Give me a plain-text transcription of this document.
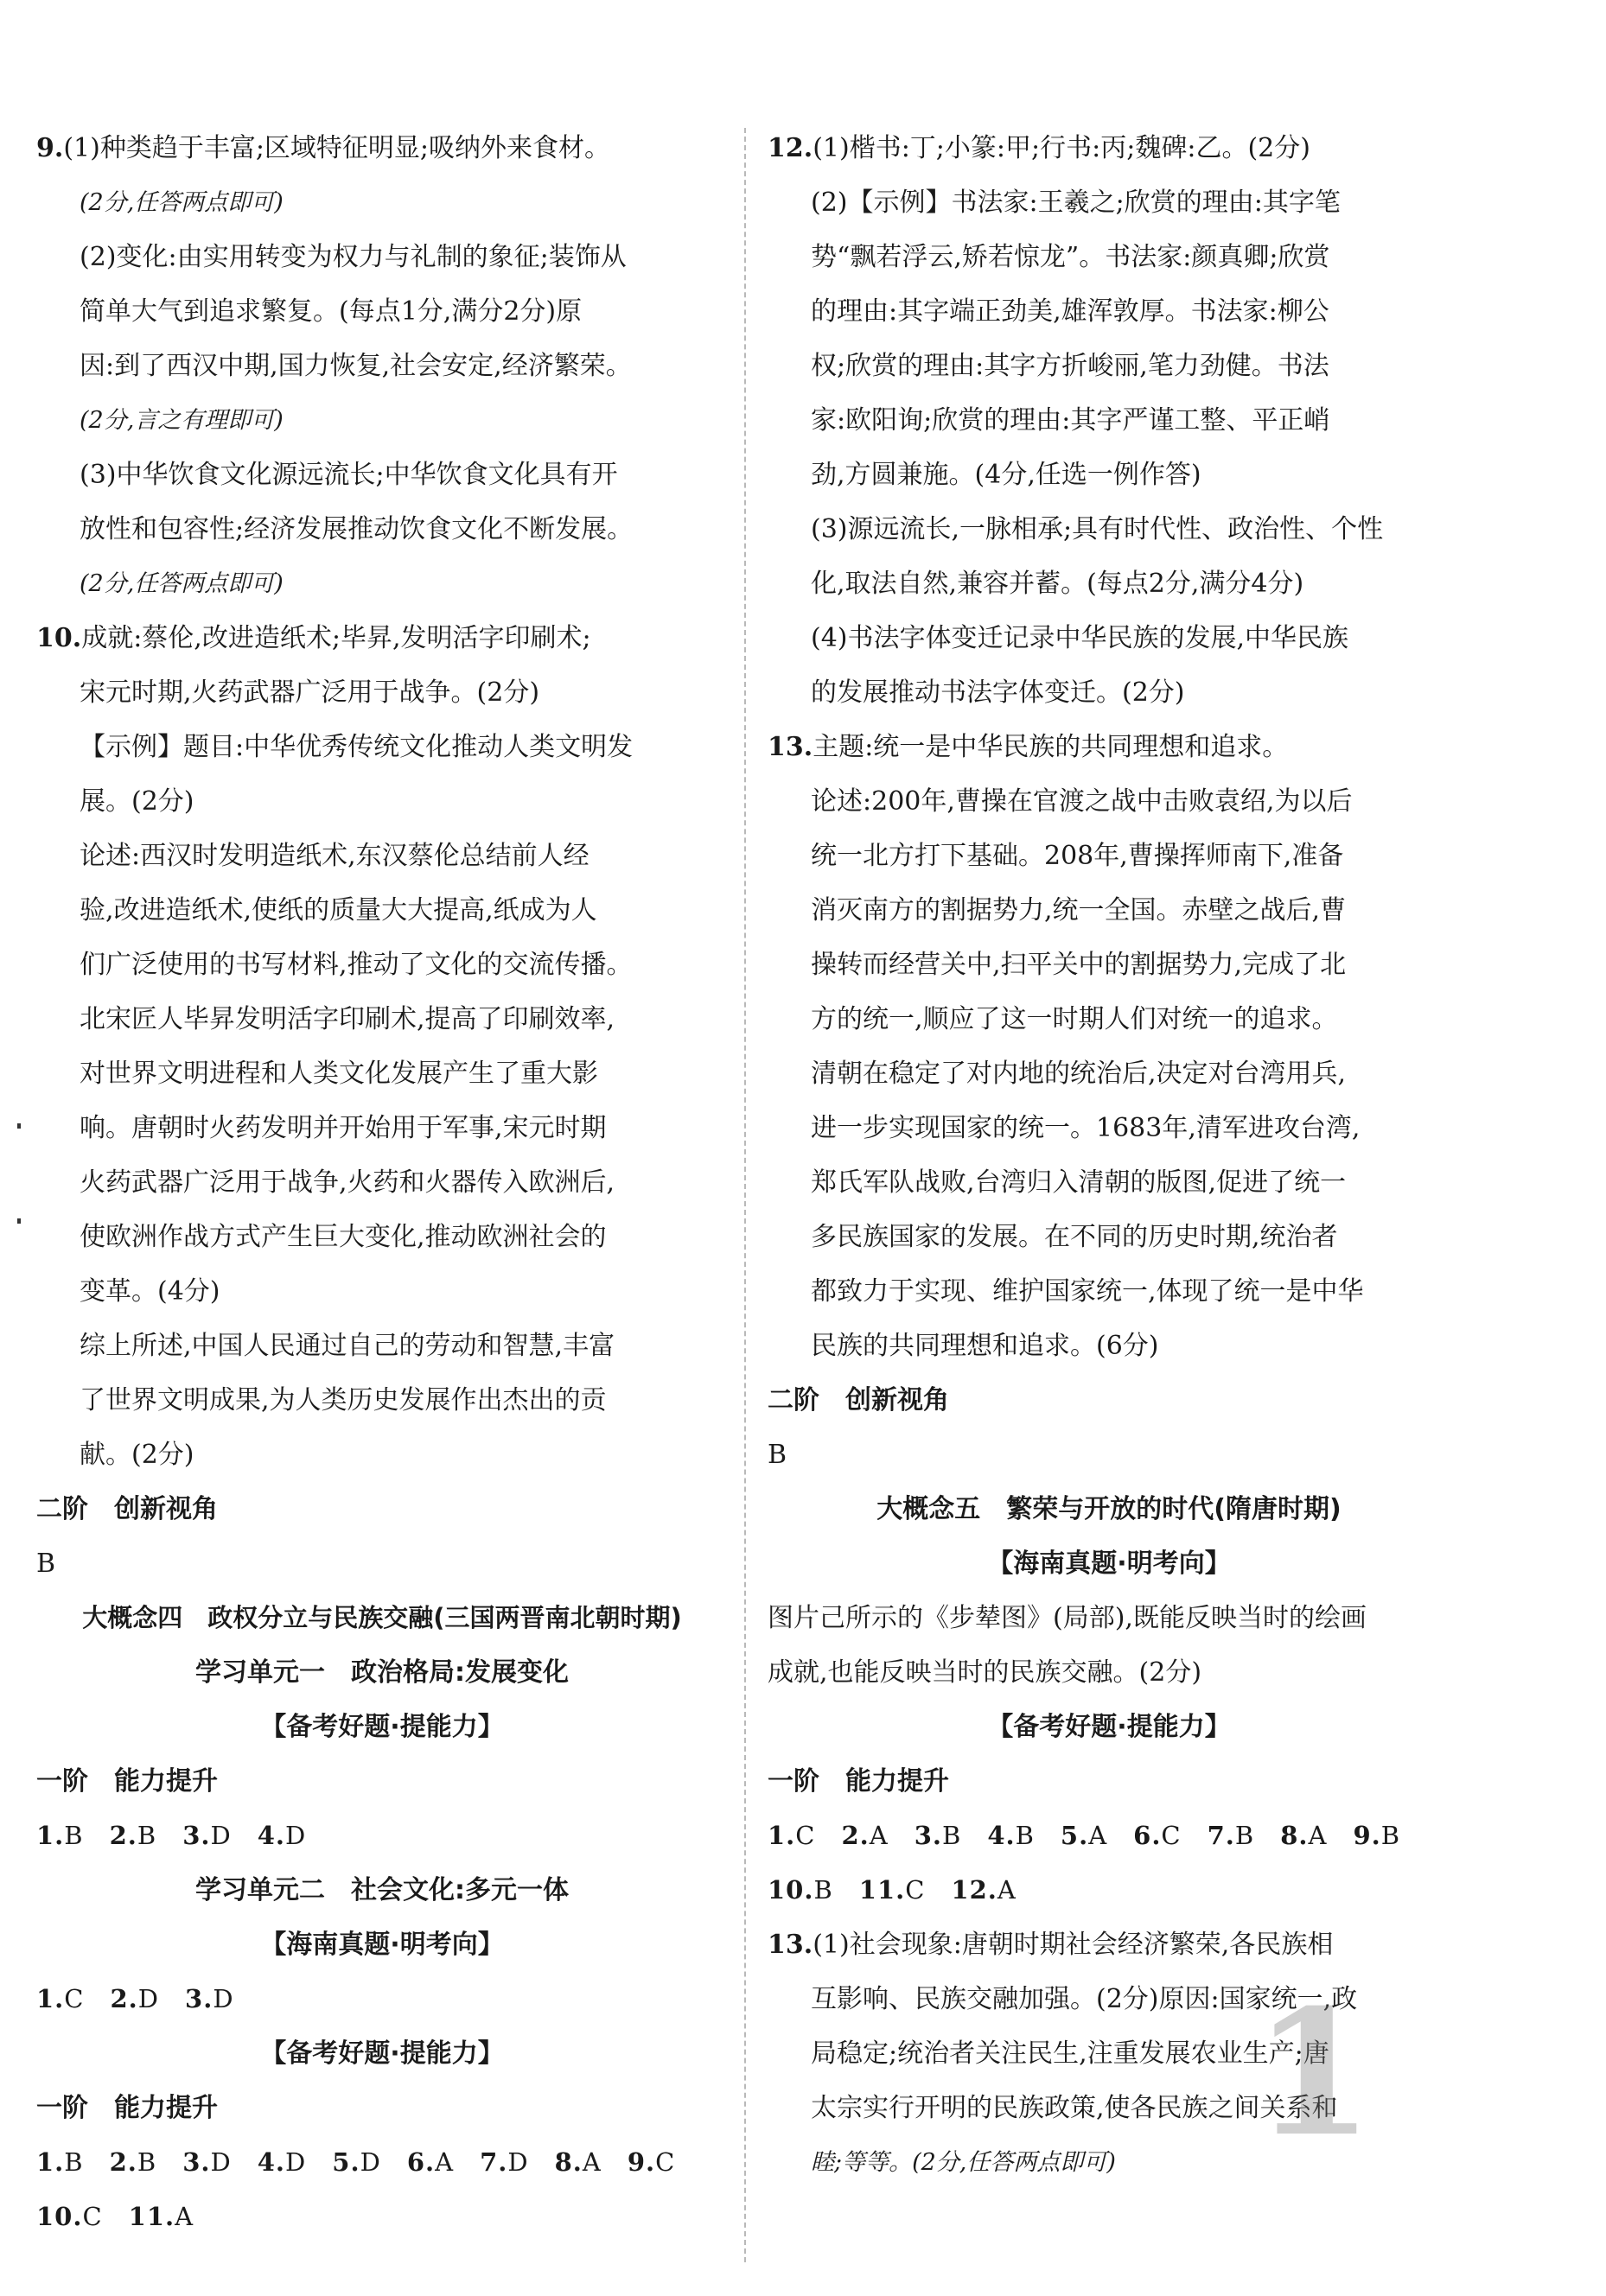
9.(1)种类趋于丰富;区域特征明显;吸纳外来食材。
(2分,任答两点即可)
(2)变化:由实用转变为权力与礼制的象征;装饰从
简单大气到追求繁复。(每点1分,满分2分)原
因:到了西汉中期,国力恢复,社会安定,经济繁荣。
(2分,言之有理即可)
(3)中华饮食文化源远流长;中华饮食文化具有开
放性和包容性;经济发展推动饮食文化不断发展。
(2分,任答两点即可)
10.成就:蔡伦,改进造纸术;毕昇,发明活字印刷术;
宋元时期,火药武器广泛用于战争。(2分)
【示例】题目:中华优秀传统文化推动人类文明发
展。(2分)
论述:西汉时发明造纸术,东汉蔡伦总结前人经
验,改进造纸术,使纸的质量大大提高,纸成为人
们广泛使用的书写材料,推动了文化的交流传播。
北宋匠人毕昇发明活字印刷术,提高了印刷效率,
对世界文明进程和人类文化发展产生了重大影
响。唐朝时火药发明并开始用于军事,宋元时期
火药武器广泛用于战争,火药和火器传入欧洲后,
使欧洲作战方式产生巨大变化,推动欧洲社会的
变革。(4分)
综上所述,中国人民通过自己的劳动和智慧,丰富
了世界文明成果,为人类历史发展作出杰出的贡
献。(2分)
二阶　创新视角
B
大概念四　政权分立与民族交融(三国两晋南北朝时期)
学习单元一　政治格局:发展变化
【备考好题·提能力】
一阶　能力提升
1.B 2.B 3.D 4.D
学习单元二　社会文化:多元一体
【海南真题·明考向】
1.C 2.D 3.D
【备考好题·提能力】
一阶　能力提升
1.B 2.B 3.D 4.D 5.D 6.A 7.D 8.A 9.C
10.C 11.A
12.(1)楷书:丁;小篆:甲;行书:丙;魏碑:乙。(2分)
(2)【示例】书法家:王羲之;欣赏的理由:其字笔
势“飘若浮云,矫若惊龙”。书法家:颜真卿;欣赏
的理由:其字端正劲美,雄浑敦厚。书法家:柳公
权;欣赏的理由:其字方折峻丽,笔力劲健。书法
家:欧阳询;欣赏的理由:其字严谨工整、平正峭
劲,方圆兼施。(4分,任选一例作答)
(3)源远流长,一脉相承;具有时代性、政治性、个性
化,取法自然,兼容并蓄。(每点2分,满分4分)
(4)书法字体变迁记录中华民族的发展,中华民族
的发展推动书法字体变迁。(2分)
13.主题:统一是中华民族的共同理想和追求。
论述:200年,曹操在官渡之战中击败袁绍,为以后
统一北方打下基础。208年,曹操挥师南下,准备
消灭南方的割据势力,统一全国。赤壁之战后,曹
操转而经营关中,扫平关中的割据势力,完成了北
方的统一,顺应了这一时期人们对统一的追求。
清朝在稳定了对内地的统治后,决定对台湾用兵,
进一步实现国家的统一。1683年,清军进攻台湾,
郑氏军队战败,台湾归入清朝的版图,促进了统一
多民族国家的发展。在不同的历史时期,统治者
都致力于实现、维护国家统一,体现了统一是中华
民族的共同理想和追求。(6分)
二阶　创新视角
B
大概念五　繁荣与开放的时代(隋唐时期)
【海南真题·明考向】
图片己所示的《步辇图》(局部),既能反映当时的绘画
成就,也能反映当时的民族交融。(2分)
【备考好题·提能力】
一阶　能力提升
1.C 2.A 3.B 4.B 5.A 6.C 7.B 8.A 9.B
10.B 11.C 12.A
13.(1)社会现象:唐朝时期社会经济繁荣,各民族相
互影响、民族交融加强。(2分)原因:国家统一,政
局稳定;统治者关注民生,注重发展农业生产;唐
太宗实行开明的民族政策,使各民族之间关系和
睦;等等。(2分,任答两点即可) 1
